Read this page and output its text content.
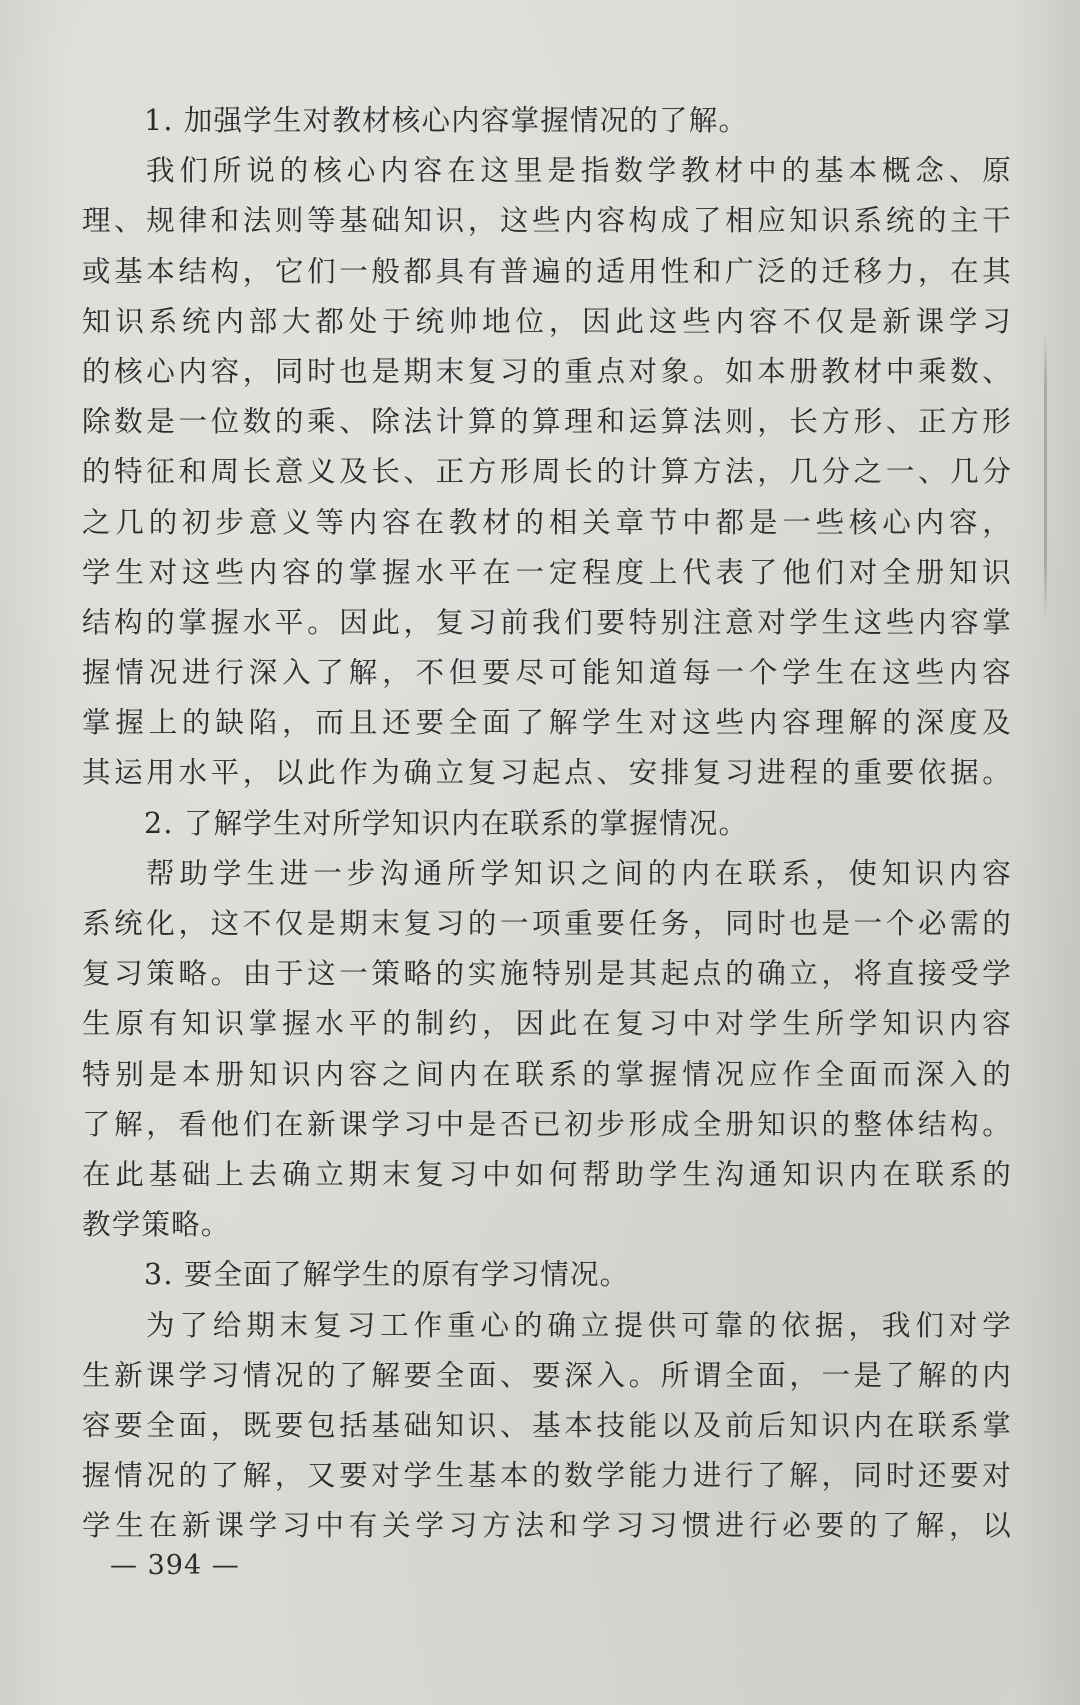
1. 加强学生对教材核心内容掌握情况的了解。
我们所说的核心内容在这里是指数学教材中的基本概念、原
理、规律和法则等基础知识，这些内容构成了相应知识系统的主干
或基本结构，它们一般都具有普遍的适用性和广泛的迁移力，在其
知识系统内部大都处于统帅地位，因此这些内容不仅是新课学习
的核心内容，同时也是期末复习的重点对象。如本册教材中乘数、
除数是一位数的乘、除法计算的算理和运算法则，长方形、正方形
的特征和周长意义及长、正方形周长的计算方法，几分之一、几分
之几的初步意义等内容在教材的相关章节中都是一些核心内容，
学生对这些内容的掌握水平在一定程度上代表了他们对全册知识
结构的掌握水平。因此，复习前我们要特别注意对学生这些内容掌
握情况进行深入了解，不但要尽可能知道每一个学生在这些内容
掌握上的缺陷，而且还要全面了解学生对这些内容理解的深度及
其运用水平，以此作为确立复习起点、安排复习进程的重要依据。
2. 了解学生对所学知识内在联系的掌握情况。
帮助学生进一步沟通所学知识之间的内在联系，使知识内容
系统化，这不仅是期末复习的一项重要任务，同时也是一个必需的
复习策略。由于这一策略的实施特别是其起点的确立，将直接受学
生原有知识掌握水平的制约，因此在复习中对学生所学知识内容
特别是本册知识内容之间内在联系的掌握情况应作全面而深入的
了解，看他们在新课学习中是否已初步形成全册知识的整体结构。
在此基础上去确立期末复习中如何帮助学生沟通知识内在联系的
教学策略。
3. 要全面了解学生的原有学习情况。
为了给期末复习工作重心的确立提供可靠的依据，我们对学
生新课学习情况的了解要全面、要深入。所谓全面，一是了解的内
容要全面，既要包括基础知识、基本技能以及前后知识内在联系掌
握情况的了解，又要对学生基本的数学能力进行了解，同时还要对
学生在新课学习中有关学习方法和学习习惯进行必要的了解，以
— 394 —
